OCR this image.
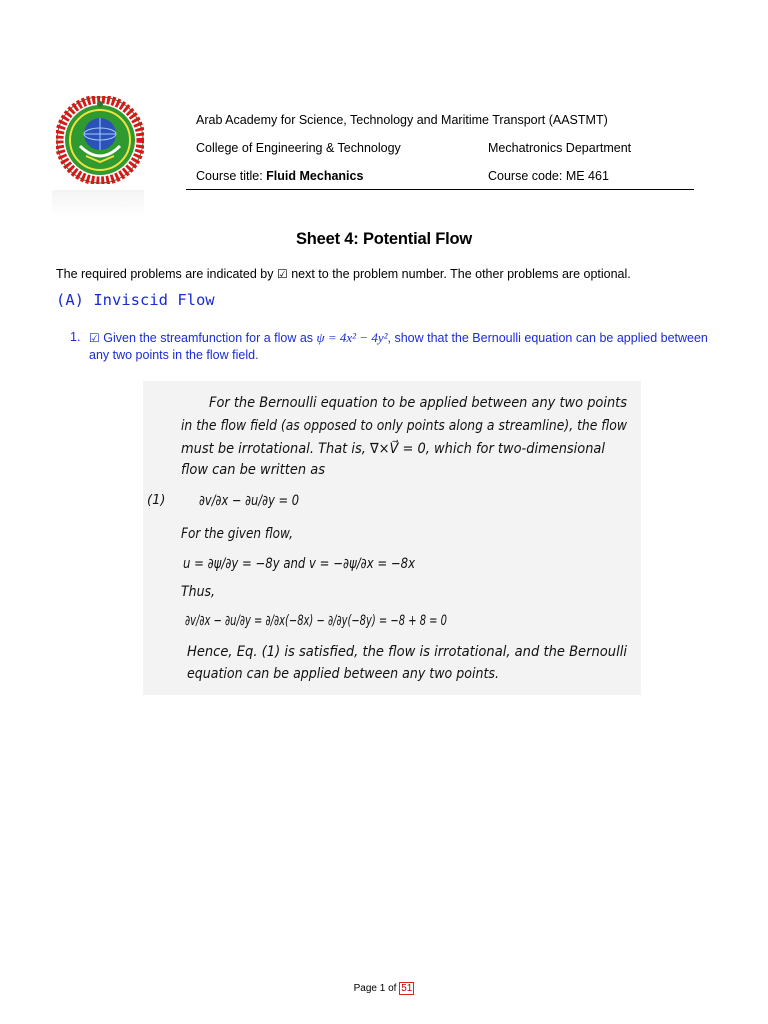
Arab Academy for Science, Technology and Maritime Transport (AASTMT)
College of Engineering & Technology	Mechatronics Department
Course title: Fluid Mechanics	Course code: ME 461
Sheet 4: Potential Flow
The required problems are indicated by ☑ next to the problem number. The other problems are optional.
(A) Inviscid Flow
1. ☑ Given the streamfunction for a flow as ψ = 4x² − 4y², show that the Bernoulli equation can be applied between any two points in the flow field.
For the Bernoulli equation to be applied between any two points
in the flow field (as opposed to only points along a streamline), the flow
must be irrotational. That is, ∇×V⃗ = 0, which for two-dimensional
flow can be written as
(1) ∂v/∂x − ∂u/∂y = 0
For the given flow,
u = ∂ψ/∂y = −8y and v = −∂ψ/∂x = −8x
Thus,
∂v/∂x − ∂u/∂y = ∂/∂x(−8x) − ∂/∂y(−8y) = −8 + 8 = 0
Hence, Eq. (1) is satisfied, the flow is irrotational, and the Bernoulli
equation can be applied between any two points.
Page 1 of 51
